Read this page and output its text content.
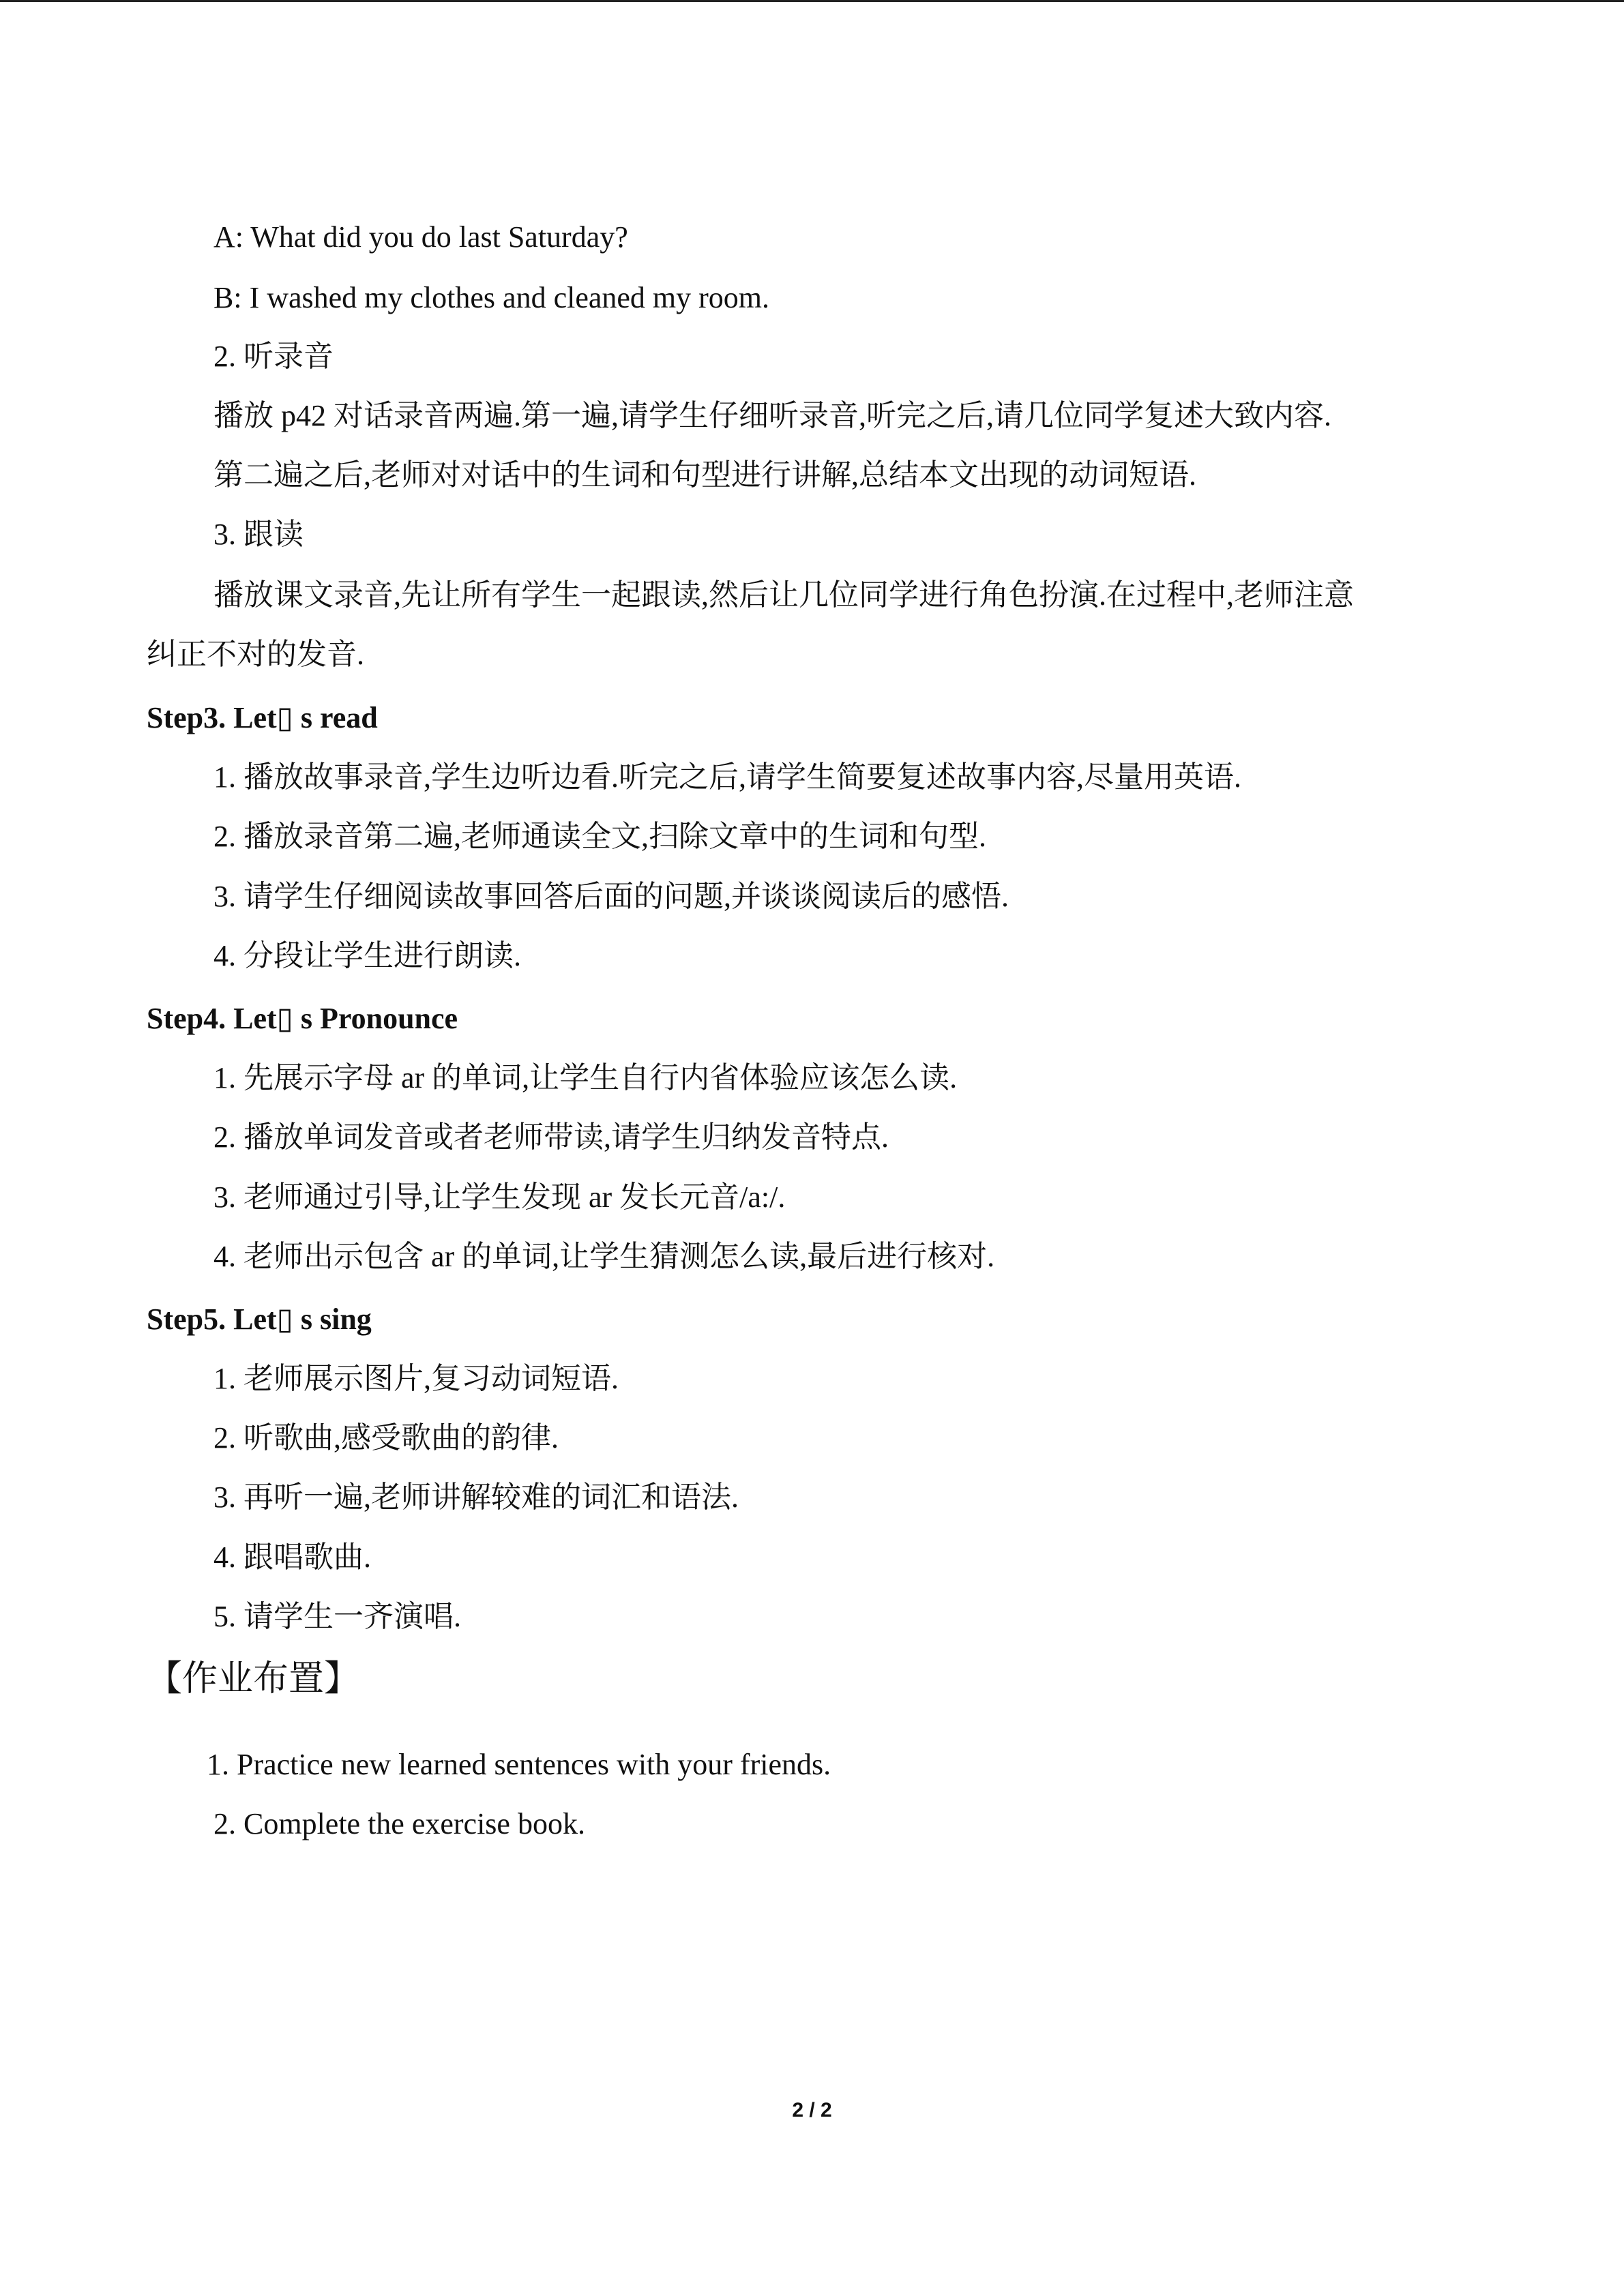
A: What did you do last Saturday?
B: I washed my clothes and cleaned my room.
2. 听录音
播放 p42 对话录音两遍.第一遍,请学生仔细听录音,听完之后,请几位同学复述大致内容.
第二遍之后,老师对对话中的生词和句型进行讲解,总结本文出现的动词短语.
3. 跟读
播放课文录音,先让所有学生一起跟读,然后让几位同学进行角色扮演.在过程中,老师注意
纠正不对的发音.
Step3. Let▯ s read
1. 播放故事录音,学生边听边看.听完之后,请学生简要复述故事内容,尽量用英语.
2. 播放录音第二遍,老师通读全文,扫除文章中的生词和句型.
3. 请学生仔细阅读故事回答后面的问题,并谈谈阅读后的感悟.
4. 分段让学生进行朗读.
Step4. Let▯ s Pronounce
1. 先展示字母 ar 的单词,让学生自行内省体验应该怎么读.
2. 播放单词发音或者老师带读,请学生归纳发音特点.
3. 老师通过引导,让学生发现 ar 发长元音/a:/.
4. 老师出示包含 ar 的单词,让学生猜测怎么读,最后进行核对.
Step5. Let▯ s sing
1. 老师展示图片,复习动词短语.
2. 听歌曲,感受歌曲的韵律.
3. 再听一遍,老师讲解较难的词汇和语法.
4. 跟唱歌曲.
5. 请学生一齐演唱.
【作业布置】
1. Practice new learned sentences with your friends.
2. Complete the exercise book.
2 / 2
